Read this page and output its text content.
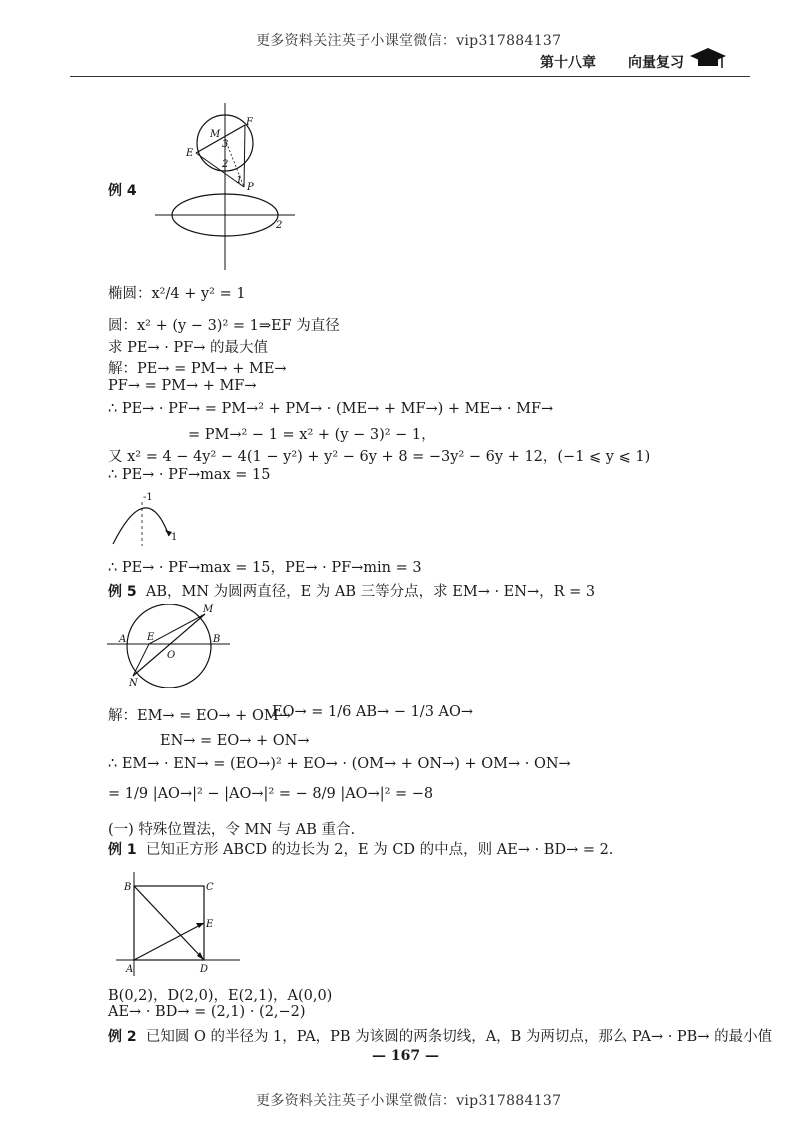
更多资料关注英子小课堂微信：vip317884137
第十八章 向量复习
M
F
E
P
3
2
1
2
例 4
椭圆：x²/4 + y² = 1
圆：x² + (y − 3)² = 1⇒EF 为直径
求 PE→ · PF→ 的最大值
解：PE→ = PM→ + ME→
PF→ = PM→ + MF→
∴ PE→ · PF→ = PM→² + PM→ · (ME→ + MF→) + ME→ · MF→
= PM→² − 1 = x² + (y − 3)² − 1，
又 x² = 4 − 4y² − 4(1 − y²) + y² − 6y + 8 = −3y² − 6y + 12，(−1 ⩽ y ⩽ 1)
∴ PE→ · PF→max = 15
-1
1
∴ PE→ · PF→max = 15，PE→ · PF→min = 3
例 5 AB，MN 为圆两直径，E 为 AB 三等分点，求 EM→ · EN→，R = 3
A E	B
O
M
N
解：EM→ = EO→ + OM→
EO→ = 1/6 AB→ − 1/3 AO→
EN→ = EO→ + ON→
∴ EM→ · EN→ = (EO→)² + EO→ · (OM→ + ON→) + OM→ · ON→
= 1/9 |AO→|² − |AO→|² = − 8/9 |AO→|² = −8
(一) 特殊位置法，令 MN 与 AB 重合.
例 1 已知正方形 ABCD 的边长为 2，E 为 CD 的中点，则 AE→ · BD→ = 2.
B	C
E
A	D
B(0,2)，D(2,0)，E(2,1)，A(0,0)
AE→ · BD→ = (2,1) · (2,−2)
例 2 已知圆 O 的半径为 1，PA，PB 为该圆的两条切线，A，B 为两切点，那么 PA→ · PB→ 的最小值
— 167 —
更多资料关注英子小课堂微信：vip317884137
